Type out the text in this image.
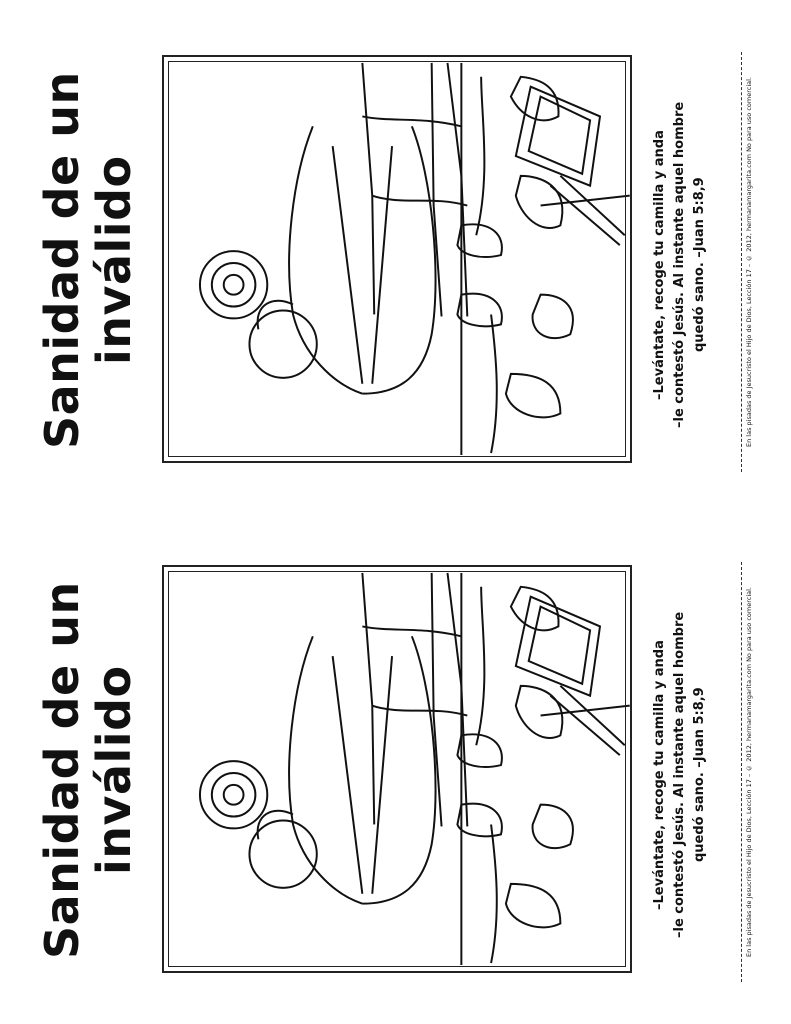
Sanidad de un
inválido	–Levántate, recoge tu camilla y anda –le contestó Jesús. Al instante aquel hombre quedó sano. –Juan 5:8,9	En las pisadas de Jesucristo el Hijo de Dios, Lección 17 – © 2012, hermanamargarita.com No para uso comercial.
Sanidad de un
inválido	–Levántate, recoge tu camilla y anda –le contestó Jesús. Al instante aquel hombre quedó sano. –Juan 5:8,9	En las pisadas de Jesucristo el Hijo de Dios, Lección 17 – © 2012, hermanamargarita.com No para uso comercial.
